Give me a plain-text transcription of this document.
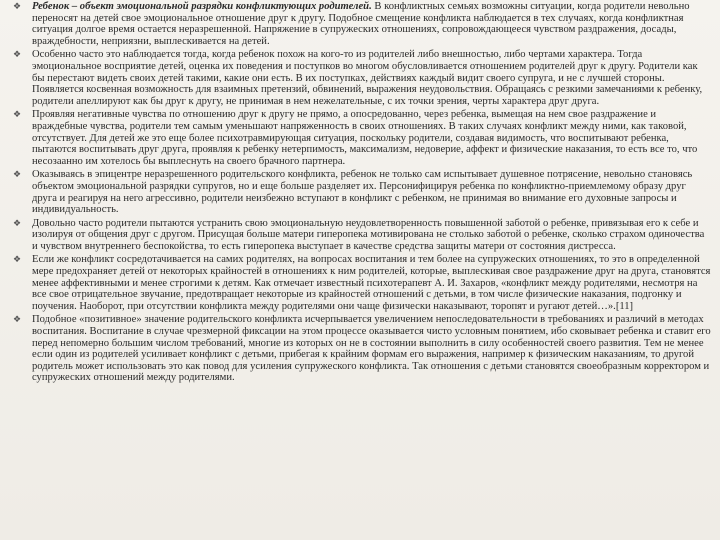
❖ Ребенок – объект эмоциональной разрядки конфликтующих родителей. В конфликтных семьях возможны ситуации, когда родители невольно переносят на детей свое эмоциональное отношение друг к другу. Подобное смещение конфликта наблюдается в тех случаях, когда конфликтная ситуация долгое время остается неразрешенной. Напряжение в супружеских отношениях, сопровождающееся чувством раздражения, досады, враждебности, неприязни, выплескивается на детей.
❖ Особенно часто это наблюдается тогда, когда ребенок похож на кого-то из родителей либо внешностью, либо чертами характера. Тогда эмоциональное восприятие детей, оценка их поведения и поступков во многом обусловливается отношением родителей друг к другу. Родители как бы перестают видеть своих детей такими, какие они есть. В их поступках, действиях каждый видит своего супруга, и не с лучшей стороны. Появляется косвенная возможность для взаимных претензий, обвинений, выражения неудовольствия. Обращаясь с резкими замечаниями к ребенку, родители апеллируют как бы друг к другу, не принимая в нем нежелательные, с их точки зрения, черты характера друг друга.
❖ Проявляя негативные чувства по отношению друг к другу не прямо, а опосредованно, через ребенка, вымещая на нем свое раздражение и враждебные чувства, родители тем самым уменьшают напряженность в своих отношениях. В таких случаях конфликт между ними, как таковой, отсутствует. Для детей же это еще более психотравмирующая ситуация, поскольку родители, создавая видимость, что воспитывают ребенка, пытаются воспитывать друг друга, проявляя к ребенку нетерпимость, максимализм, недоверие, аффект и физические наказания, то есть все то, что несозаанно им хотелось бы выплеснуть на своего брачного партнера.
❖ Оказываясь в эпицентре неразрешенного родительского конфликта, ребенок не только сам испытывает душевное потрясение, невольно становясь объектом эмоциональной разрядки супругов, но и еще больше разделяет их. Персонифицируя ребенка по конфликтно-приемлемому образу друг друга и реагируя на него агрессивно, родители неизбежно вступают в конфликт с ребенком, не принимая во внимание его духовные запросы и индивидуальность.
❖ Довольно часто родители пытаются устранить свою эмоциональную неудовлетворенность повышенной заботой о ребенке, привязывая его к себе и изолируя от общения друг с другом. Присущая больше матери гиперопека мотивирована не столько заботой о ребенке, сколько страхом одиночества и чувством внутреннего беспокойства, то есть гиперопека выступает в качестве средства защиты матери от состояния дистресса.
❖ Если же конфликт сосредотачивается на самих родителях, на вопросах воспитания и тем более на супружеских отношениях, то это в определенной мере предохраняет детей от некоторых крайностей в отношениях к ним родителей, которые, выплескивая свое раздражение друг на друга, становятся менее аффективными и менее строгими к детям. Как отмечает известный психотерапевт А. И. Захаров, «конфликт между родителями, несмотря на все свое отрицательное звучание, предотвращает некоторые из крайностей отношений с детьми, в том числе физические наказания, подгонку и поучения. Наоборот, при отсутствии конфликта между родителями они чаще физически наказывают, торопят и ругают детей…».[11]
❖ Подобное «позитивное» значение родительского конфликта исчерпывается увеличением непоследовательности в требованиях и различий в методах воспитания. Воспитание в случае чрезмерной фиксации на этом процессе оказывается чисто условным понятием, ибо сковывает ребенка и ставит его перед непомерно большим числом требований, многие из которых он не в состоянии выполнить в силу особенностей своего развития. Тем не менее если один из родителей усиливает конфликт с детьми, прибегая к крайним формам его выражения, например к физическим наказаниям, то другой родитель может использовать это как повод для усиления супружеского конфликта. Так отношения с детьми становятся своеобразным корректором и супружеских отношений между родителями.
